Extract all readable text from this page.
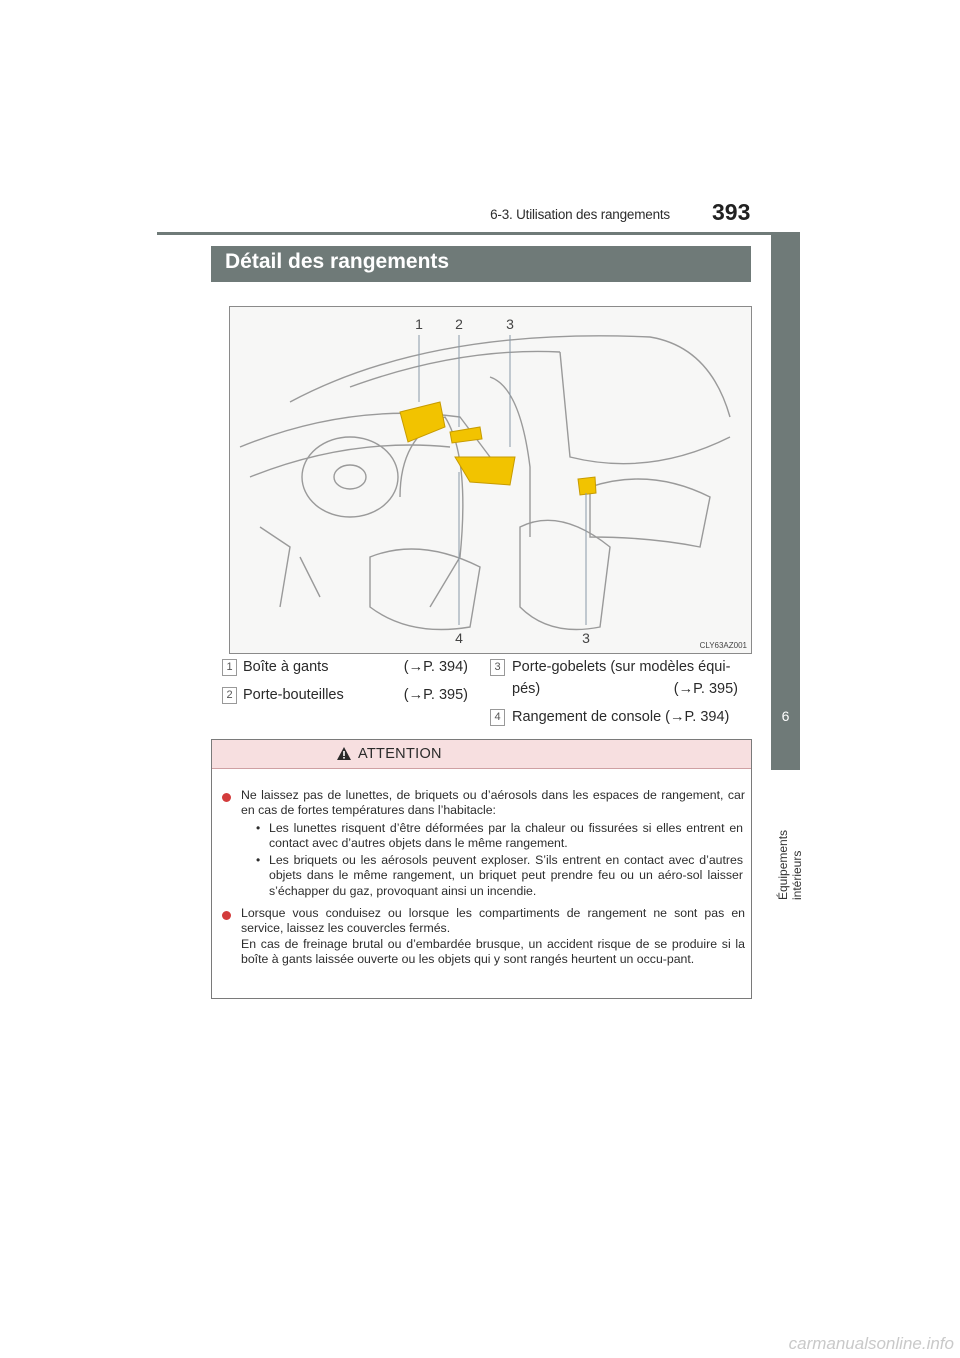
6-3. Utilisation des rangements 393
6
Équipements intérieurs
Détail des rangements
1	2	3
4	3	CLY63AZ001
1 Boîte à gants	(→P. 394)
2 Porte-bouteilles	(→P. 395)
3 Porte-gobelets (sur modèles équi-
pés)	(→P. 395)
4 Rangement de console (→P. 394)
ATTENTION
Ne laissez pas de lunettes, de briquets ou d’aérosols dans les espaces de rangement, car en cas de fortes températures dans l’habitacle:
• Les lunettes risquent d’être déformées par la chaleur ou fissurées si elles entrent en contact avec d’autres objets dans le même rangement.
• Les briquets ou les aérosols peuvent exploser. S’ils entrent en contact avec d’autres objets dans le même rangement, un briquet peut prendre feu ou un aéro-sol laisser s’échapper du gaz, provoquant ainsi un incendie.
Lorsque vous conduisez ou lorsque les compartiments de rangement ne sont pas en service, laissez les couvercles fermés.
En cas de freinage brutal ou d’embardée brusque, un accident risque de se produire si la boîte à gants laissée ouverte ou les objets qui y sont rangés heurtent un occu-pant.
carmanualsonline.info
